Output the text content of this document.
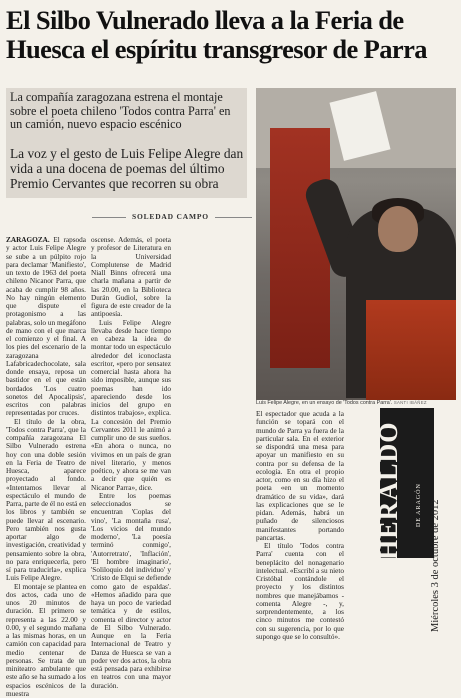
El Silbo Vulnerado lleva a la Feria de Huesca el espíritu transgresor de Parra
La compañía zaragozana estrena el montaje sobre el poeta chileno 'Todos contra Parra' en un camión, nuevo espacio escénico
La voz y el gesto de Luis Felipe Alegre dan vida a una docena de poemas del último Premio Cervantes que recorren su obra
SOLEDAD CAMPO
Luis Felipe Alegre, en un ensayo de 'Todos contra Parra'. SANTI IBÁÑEZ

ZARAGOZA. El rapsoda y actor Luis Felipe Alegre se sube a un púlpito rojo para declamar 'Manifiesto', un texto de 1963 del poeta chileno Nicanor Parra, que acaba de cumplir 98 años. No hay ningún elemento que dispute el protagonismo a las palabras, solo un megáfono de mano con el que marca el comienzo y el final. A los pies del escenario de la zaragozana Lafabricadechocolate, sala donde ensaya, reposa un bastidor en el que están bordados 'Los cuatro sonetos del Apocalipsis', escritos con palabras representadas por cruces.

El título de la obra, 'Todos contra Parra', que la compañía zaragozana El Silbo Vulnerado estrena hoy con una doble sesión en la Feria de Teatro de Huesca, aparece proyectado al fondo. «Intentamos llevar al espectáculo el mundo de Parra, parte de él no está en los libros y también se puede llevar al escenario. Pero también nos gusta aportar algo de investigación, creatividad y pensamiento sobre la obra, no para enriquecerla, pero sí para traducirla», explica Luis Felipe Alegre.

El montaje se plantea en dos actos, cada uno de unos 20 minutos de duración. El primero se representa a las 22.00 y 0.00, y el segundo mañana a las mismas horas, en un camión con capacidad para medio centenar de personas. Se trata de un miniteatro ambulante que este año se ha sumado a los espacios escénicos de la muestra

oscense. Además, el poeta y profesor de Literatura en la Universidad Complutense de Madrid Niall Binns ofrecerá una charla mañana a partir de las 20.00, en la Biblioteca Durán Gudiol, sobre la figura de este creador de la antipoesía.

Luis Felipe Alegre llevaba desde hace tiempo en cabeza la idea de montar todo un espectáculo alrededor del iconoclasta escritor, «pero por sensatez comercial hasta ahora ha sido imposible, aunque sus poemas han ido apareciendo desde los inicios del grupo en distintos trabajos», explica. La concesión del Premio Cervantes 2011 le animó a cumplir uno de sus sueños. «En ahora o nunca, no vivimos en un país de gran nivel literario, y menos poético, y ahora se me van a decir que quién es Nicanor Parra», dice.

Entre los poemas seleccionados se encuentran 'Coplas del vino', 'La montaña rusa', 'Los vicios del mundo moderno', 'La poesía terminó conmigo', 'Autorretrato', 'Inflación', 'El hombre imaginario', 'Soliloquio del individuo' y 'Cristo de Elqui se defiende como gato de espaldas'. «Hemos añadido para que haya un poco de variedad temática y de estilos, comenta el director y actor de El Silbo Vulnerado. Aunque en la Feria Internacional de Teatro y Danza de Huesca se van a poder ver dos actos, la obra está pensada para exhibirse en teatros con una mayor duración.

El espectador que acuda a la función se topará con el mundo de Parra ya fuera de la particular sala. En el exterior se dispondrá una mesa para apoyar un manifiesto en su contra por su defensa de la ecología. En otra el propio actor, como en su día hizo el poeta «en un momento dramático de su vida», dará las explicaciones que se le pidan. Además, habrá un puñado de silenciosos manifestantes portando pancartas.

El título 'Todos contra Parra' cuenta con el beneplácito del nonagenario intelectual. «Escribí a su nieto Cristóbal contándole el proyecto y los distintos nombres que manejábamos - comenta Alegre -, y, sorprendentemente, a los cinco minutos me contestó con su sugerencia, por lo que supongo que se lo consultó».

HERALDO DE ARAGÓN Miércoles 3 de octubre de 2012
